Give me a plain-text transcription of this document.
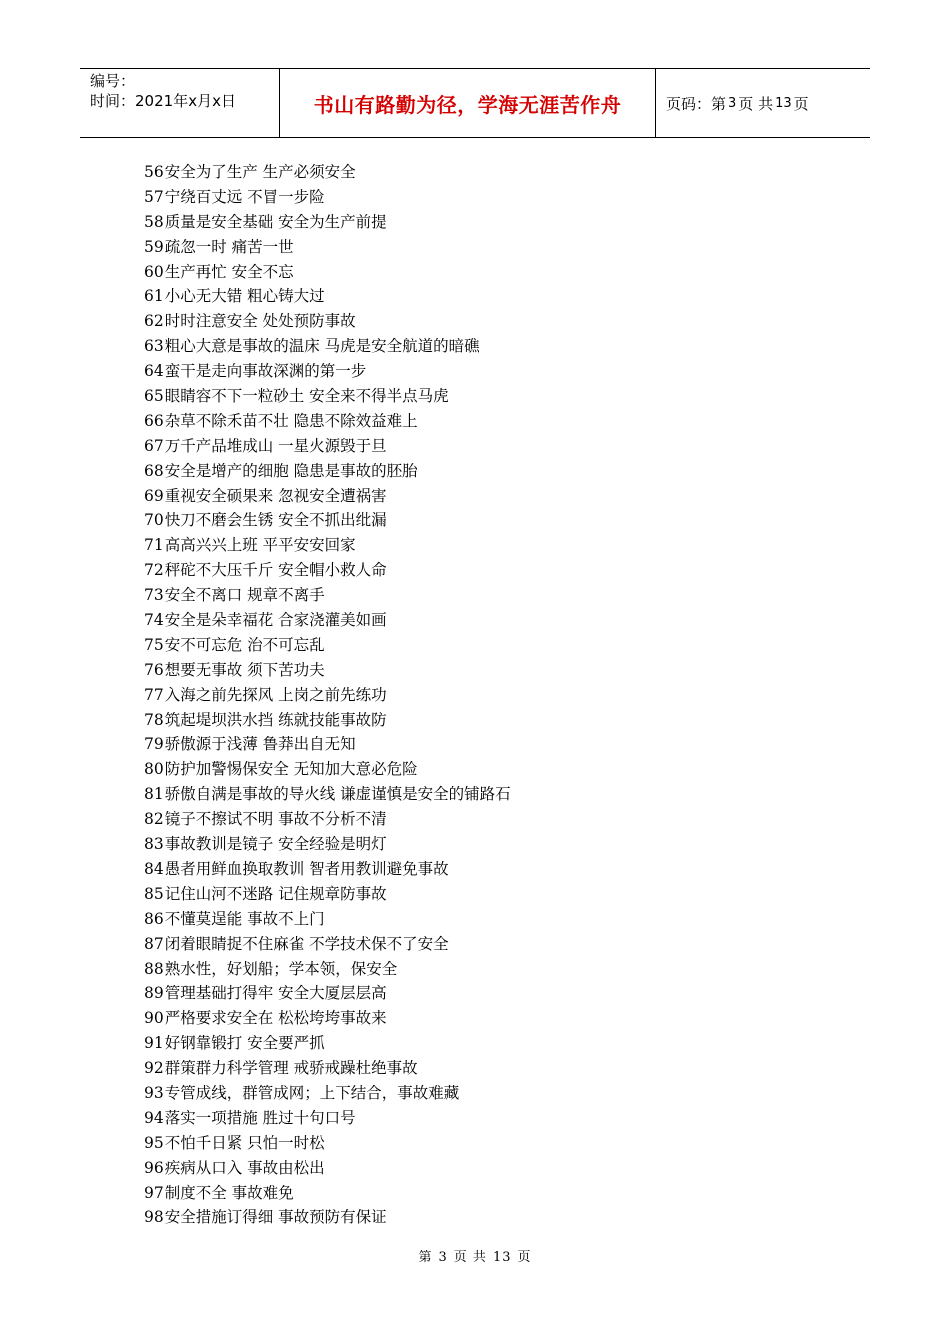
编号：
时间：2021年x月x日	书山有路勤为径，学海无涯苦作舟	页码：第 3 页 共 13 页
56安全为了生产 生产必须安全
57宁绕百丈远 不冒一步险
58质量是安全基础 安全为生产前提
59疏忽一时 痛苦一世
60生产再忙 安全不忘
61小心无大错 粗心铸大过
62时时注意安全 处处预防事故
63粗心大意是事故的温床 马虎是安全航道的暗礁
64蛮干是走向事故深渊的第一步
65眼睛容不下一粒砂土 安全来不得半点马虎
66杂草不除禾苗不壮 隐患不除效益难上
67万千产品堆成山 一星火源毁于旦
68安全是增产的细胞 隐患是事故的胚胎
69重视安全硕果来 忽视安全遭祸害
70快刀不磨会生锈 安全不抓出纰漏
71高高兴兴上班 平平安安回家
72秤砣不大压千斤 安全帽小救人命
73安全不离口 规章不离手
74安全是朵幸福花 合家浇灌美如画
75安不可忘危 治不可忘乱
76想要无事故 须下苦功夫
77入海之前先探风 上岗之前先练功
78筑起堤坝洪水挡 练就技能事故防
79骄傲源于浅薄 鲁莽出自无知
80防护加警惕保安全 无知加大意必危险
81骄傲自满是事故的导火线 谦虚谨慎是安全的铺路石
82镜子不擦试不明 事故不分析不清
83事故教训是镜子 安全经验是明灯
84愚者用鲜血换取教训 智者用教训避免事故
85记住山河不迷路 记住规章防事故
86不懂莫逞能 事故不上门
87闭着眼睛捉不住麻雀 不学技术保不了安全
88熟水性，好划船；学本领，保安全
89管理基础打得牢 安全大厦层层高
90严格要求安全在 松松垮垮事故来
91好钢靠锻打 安全要严抓
92群策群力科学管理 戒骄戒躁杜绝事故
93专管成线，群管成网；上下结合，事故难藏
94落实一项措施 胜过十句口号
95不怕千日紧 只怕一时松
96疾病从口入 事故由松出
97制度不全 事故难免
98安全措施订得细 事故预防有保证
第 3 页 共 13 页
